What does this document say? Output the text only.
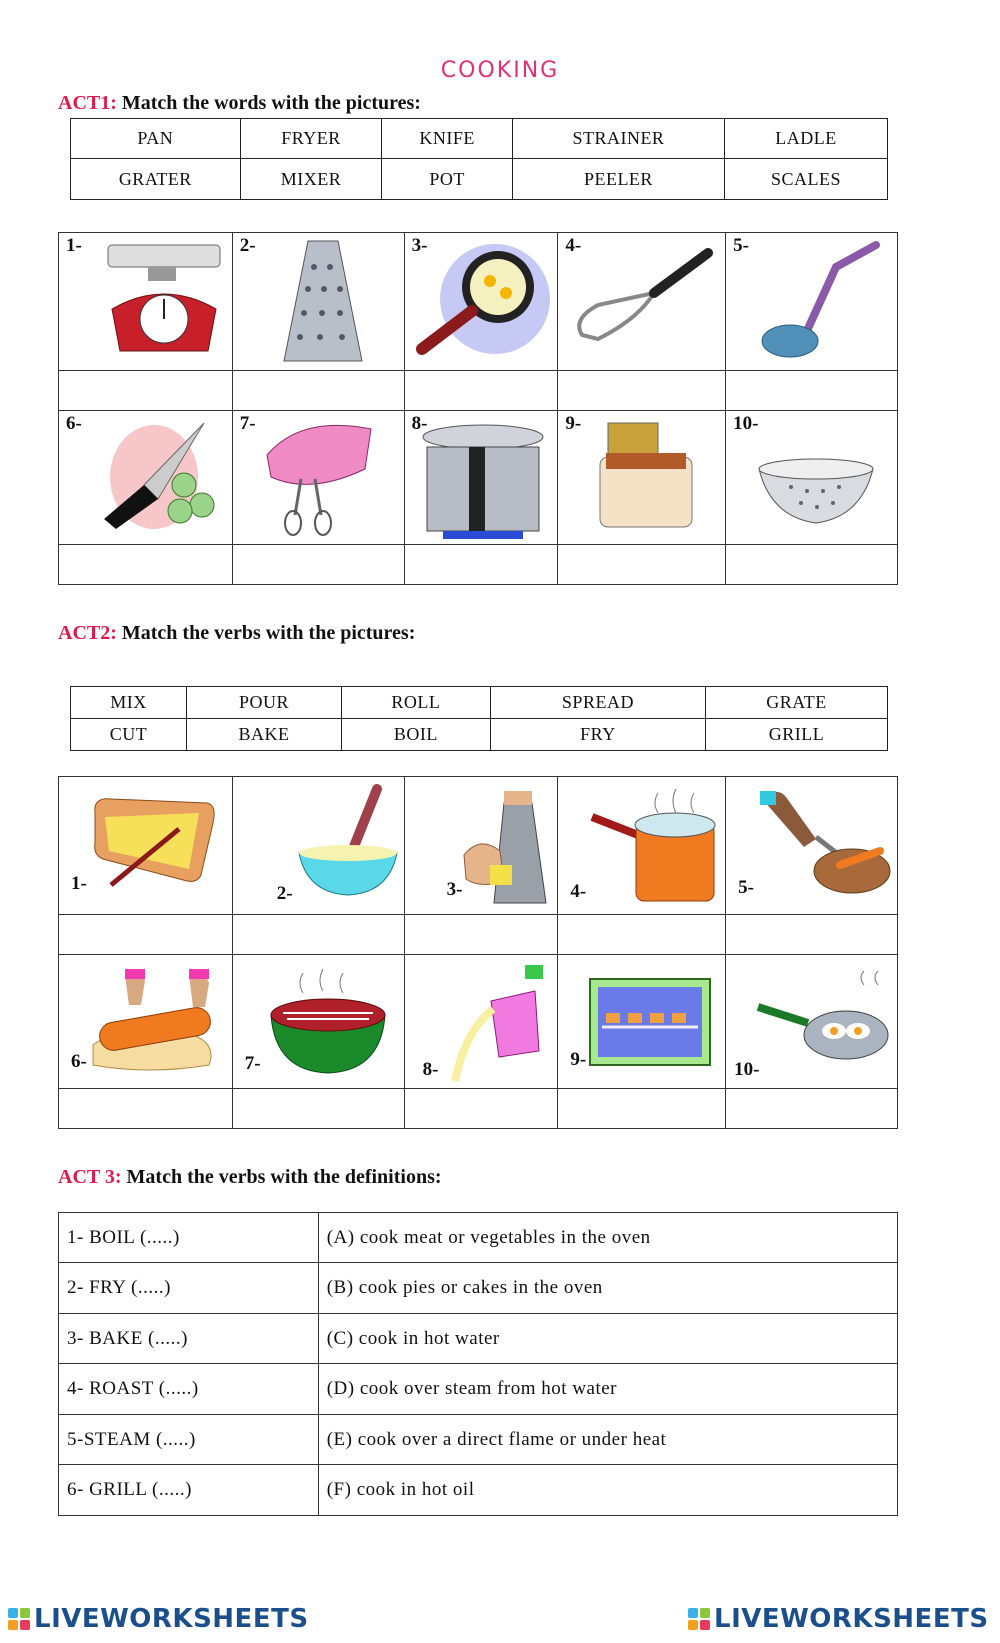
COOKING
ACT1: Match the words with the pictures:
PAN	FRYER	KNIFE	STRAINER	LADLE
GRATER	MIXER	POT	PEELER	SCALES
1-	2-	3-	4-	5-

6-	7-	8-	9-	10-

ACT2: Match the verbs with the pictures:
MIX	POUR	ROLL	SPREAD	GRATE
CUT	BAKE	BOIL	FRY	GRILL
1-	2-	3-	4-	5-

6-	7-	8-	9-	10-

ACT 3: Match the verbs with the definitions:
1- BOIL (.....)	(A) cook meat or vegetables in the oven
2- FRY (.....)	(B) cook pies or cakes in the oven
3- BAKE (.....)	(C) cook in hot water
4- ROAST (.....)	(D) cook over steam from hot water
5-STEAM (.....)	(E) cook over a direct flame or under heat
6- GRILL (.....)	(F) cook in hot oil
LIVEWORKSHEETS	LIVEWORKSHEETS
